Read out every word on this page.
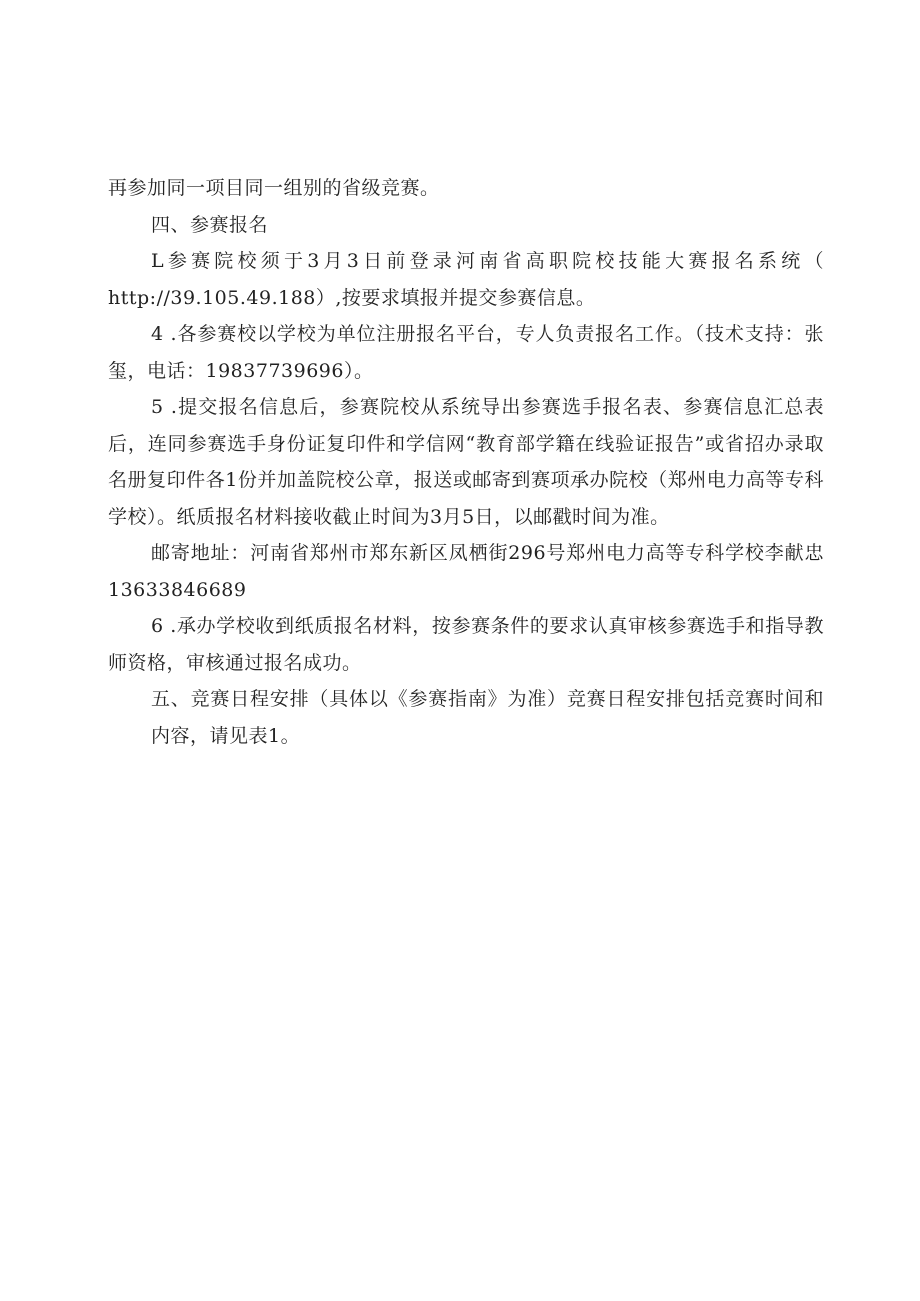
再参加同一项目同一组别的省级竞赛。

四、参赛报名

L参赛院校须于3月3日前登录河南省高职院校技能大赛报名系统（ http://39.105.49.188）,按要求填报并提交参赛信息。

4 .各参赛校以学校为单位注册报名平台，专人负责报名工作。（技术支持：张玺，电话：19837739696）。

5 .提交报名信息后，参赛院校从系统导出参赛选手报名表、参赛信息汇总表后，连同参赛选手身份证复印件和学信网“教育部学籍在线验证报告”或省招办录取名册复印件各1份并加盖院校公章，报送或邮寄到赛项承办院校（郑州电力高等专科学校）。纸质报名材料接收截止时间为3月5日，以邮戳时间为准。

邮寄地址：河南省郑州市郑东新区凤栖街296号郑州电力高等专科学校李献忠13633846689

6 .承办学校收到纸质报名材料，按参赛条件的要求认真审核参赛选手和指导教师资格，审核通过报名成功。

五、竞赛日程安排（具体以《参赛指南》为准）竞赛日程安排包括竞赛时间和内容，请见表1。
